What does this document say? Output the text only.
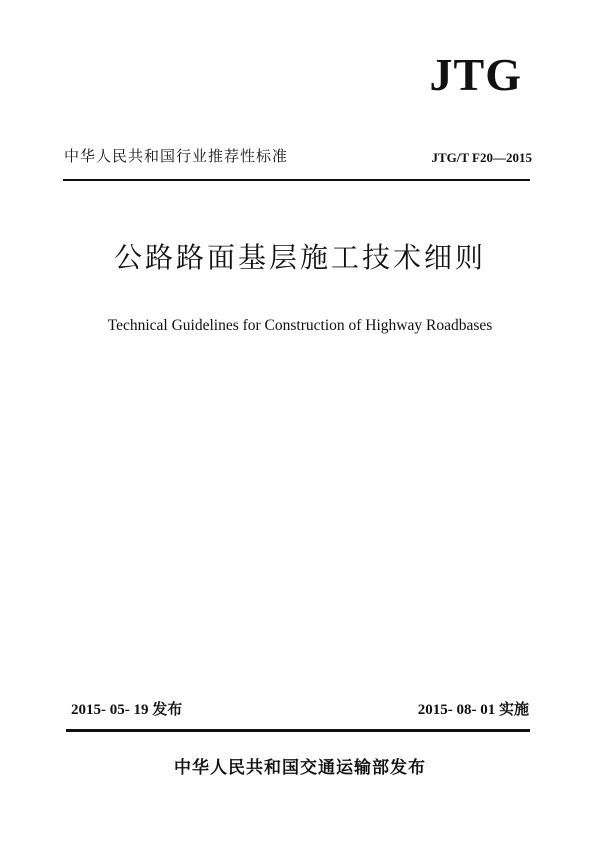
JTG
中华人民共和国行业推荐性标准	JTG/T F20—2015
公路路面基层施工技术细则
Technical Guidelines for Construction of Highway Roadbases
2015- 05- 19 发布	2015- 08- 01 实施
中华人民共和国交通运输部发布
